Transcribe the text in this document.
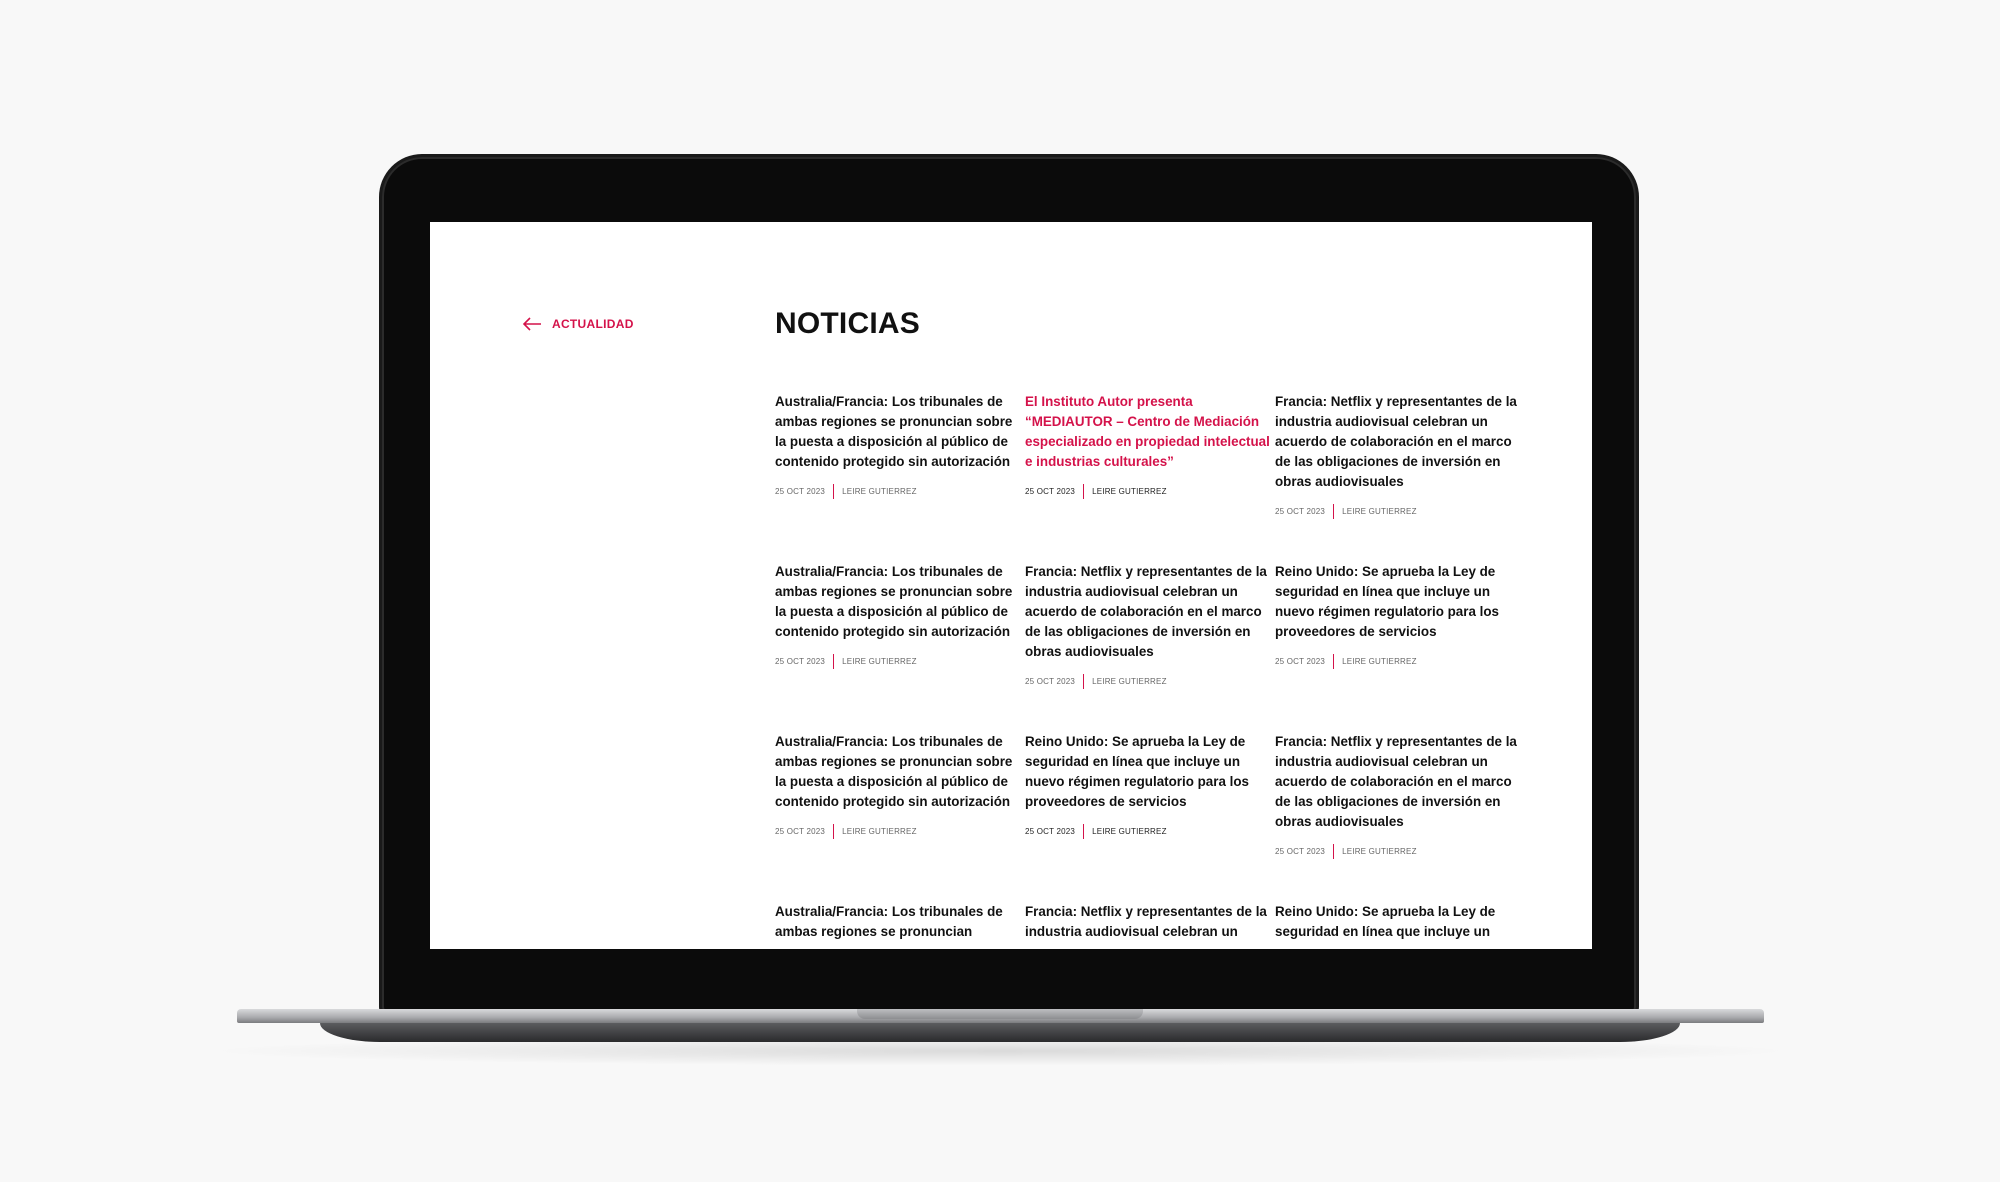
ACTUALIDAD	NOTICIAS

Australia/Francia: Los tribunales de ambas regiones se pronuncian sobre la puesta a disposición al público de contenido protegido sin autorización

25 OCT 2023 LEIRE GUTIERREZ

El Instituto Autor presenta “MEDIAUTOR – Centro de Mediación especializado en propiedad intelectual e industrias culturales”

25 OCT 2023 LEIRE GUTIERREZ

Francia: Netflix y representantes de la industria audiovisual celebran un acuerdo de colaboración en el marco de las obligaciones de inversión en obras audiovisuales

25 OCT 2023 LEIRE GUTIERREZ

Australia/Francia: Los tribunales de ambas regiones se pronuncian sobre la puesta a disposición al público de contenido protegido sin autorización

25 OCT 2023 LEIRE GUTIERREZ

Francia: Netflix y representantes de la industria audiovisual celebran un acuerdo de colaboración en el marco de las obligaciones de inversión en obras audiovisuales

25 OCT 2023 LEIRE GUTIERREZ

Reino Unido: Se aprueba la Ley de seguridad en línea que incluye un nuevo régimen regulatorio para los proveedores de servicios

25 OCT 2023 LEIRE GUTIERREZ

Australia/Francia: Los tribunales de ambas regiones se pronuncian sobre la puesta a disposición al público de contenido protegido sin autorización

25 OCT 2023 LEIRE GUTIERREZ

Reino Unido: Se aprueba la Ley de seguridad en línea que incluye un nuevo régimen regulatorio para los proveedores de servicios

25 OCT 2023 LEIRE GUTIERREZ

Francia: Netflix y representantes de la industria audiovisual celebran un acuerdo de colaboración en el marco de las obligaciones de inversión en obras audiovisuales

25 OCT 2023 LEIRE GUTIERREZ

Australia/Francia: Los tribunales de ambas regiones se pronuncian

Francia: Netflix y representantes de la industria audiovisual celebran un

Reino Unido: Se aprueba la Ley de seguridad en línea que incluye un
